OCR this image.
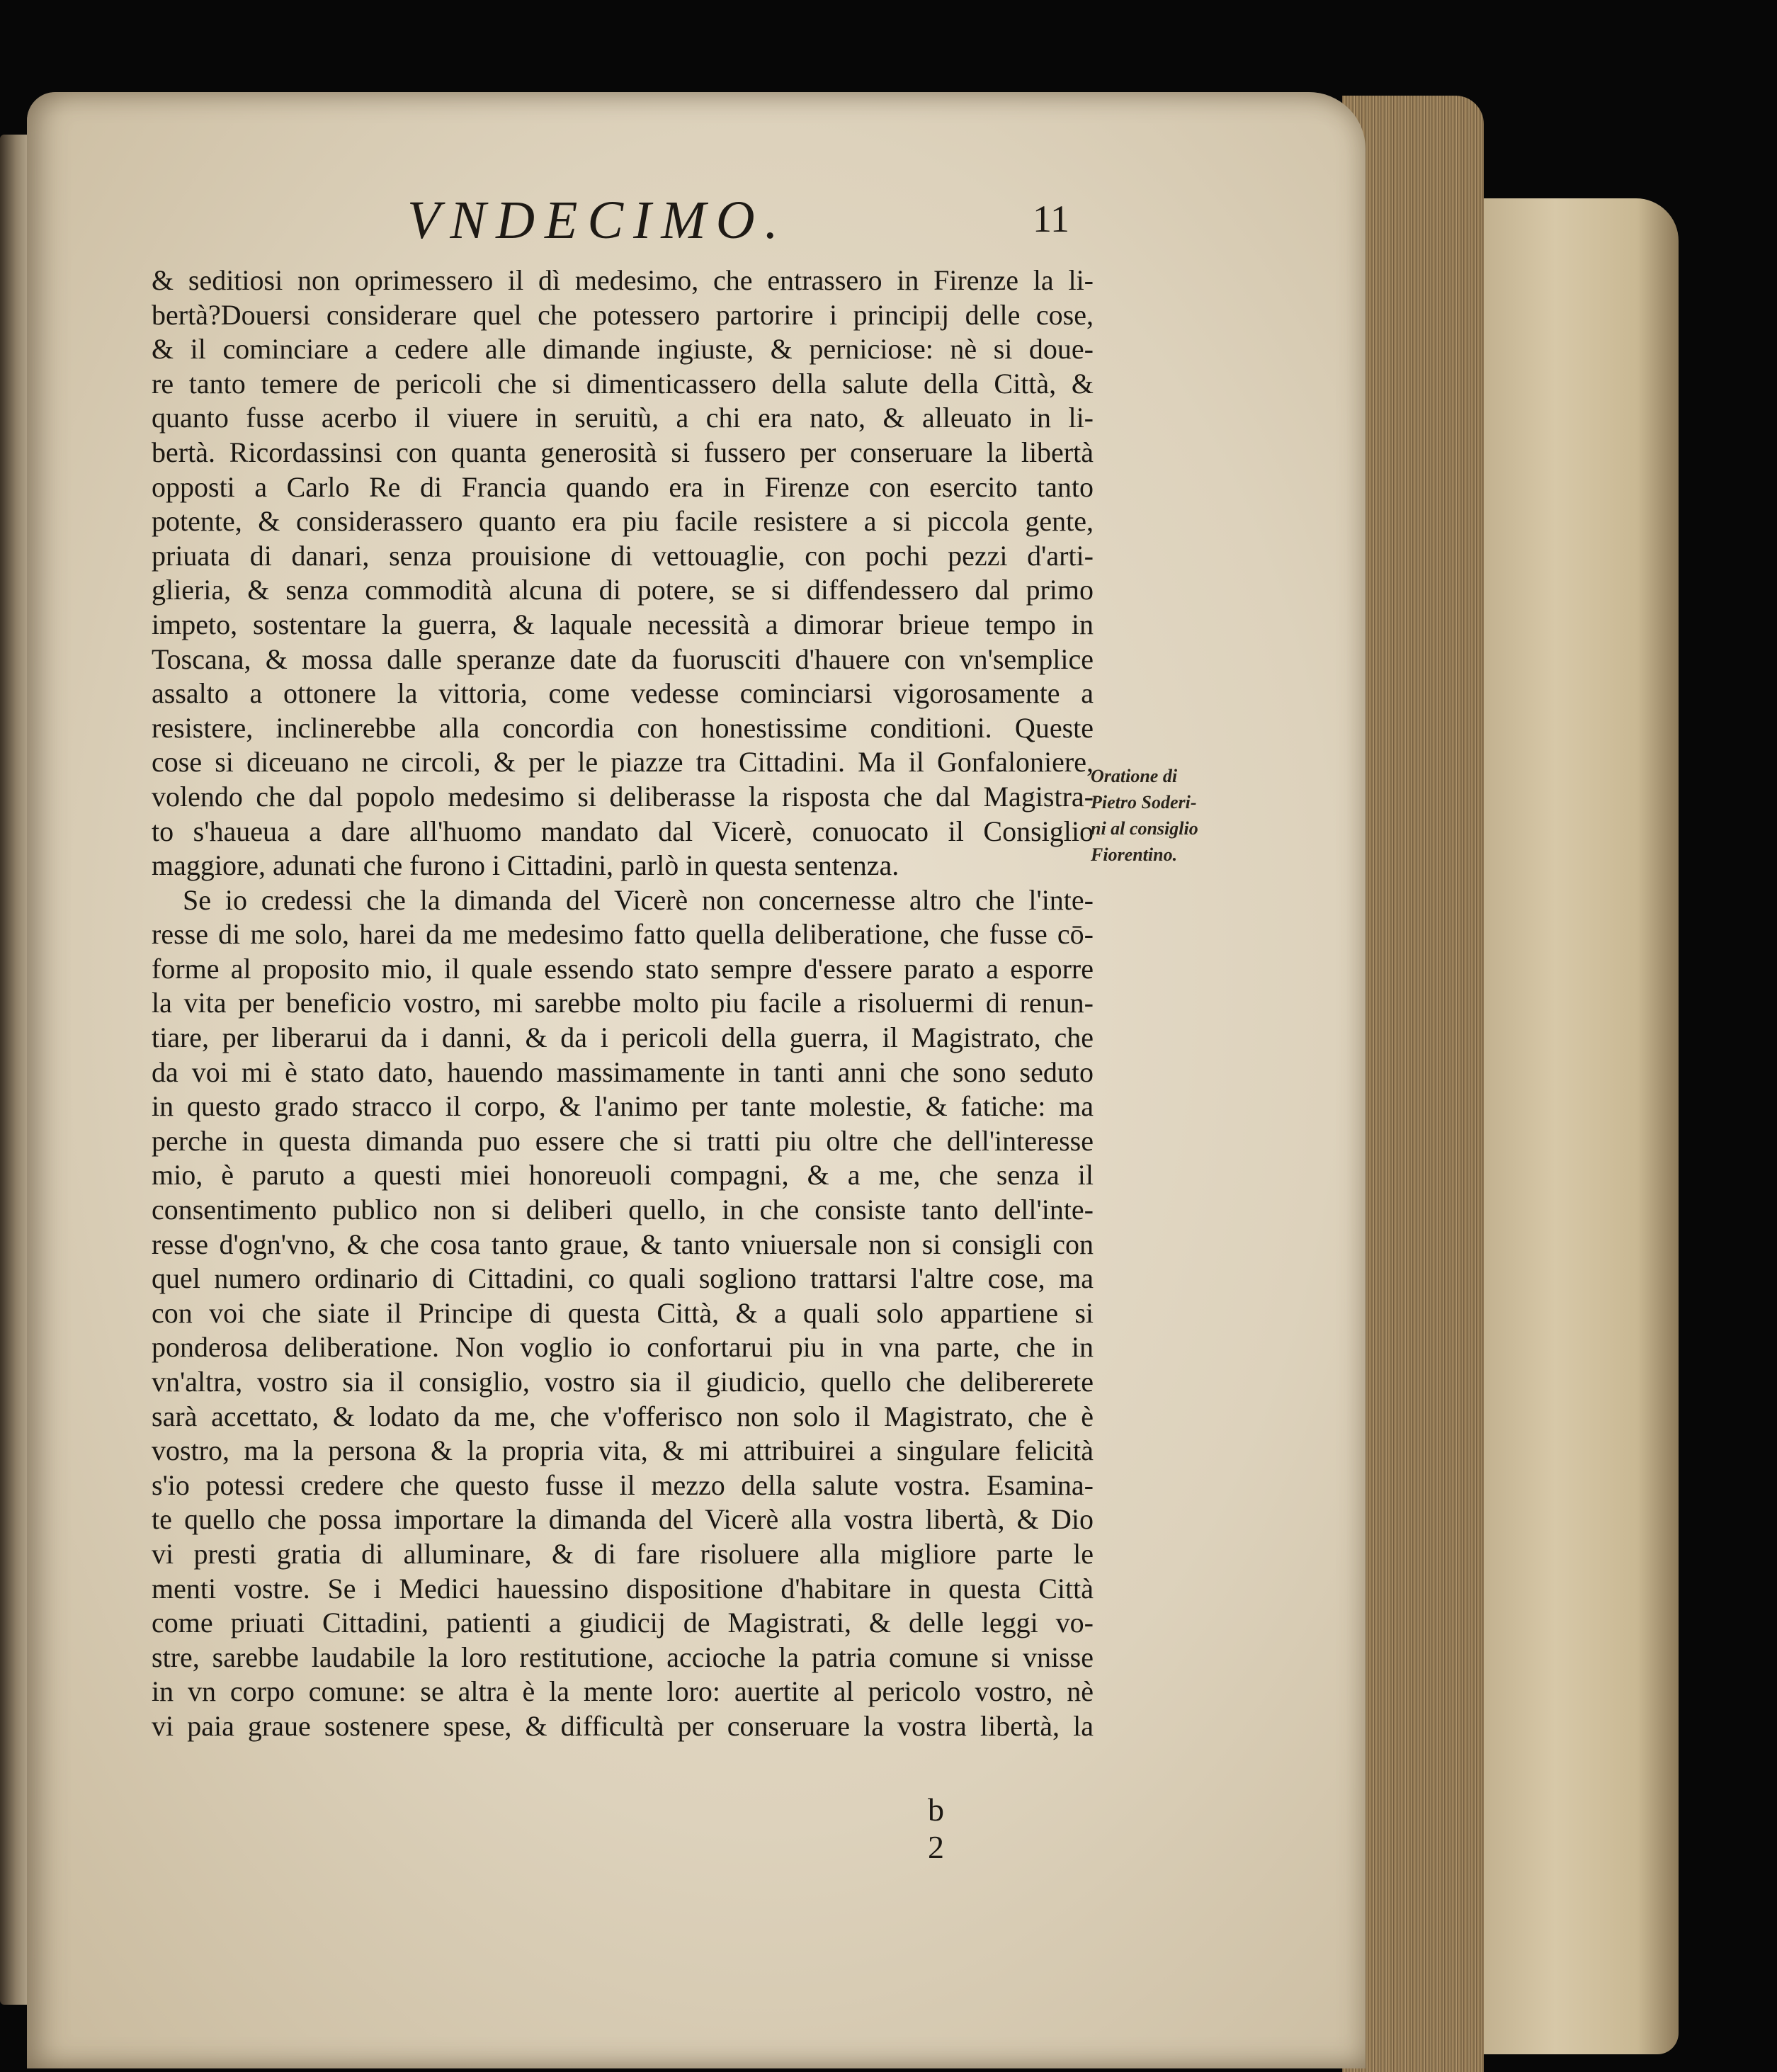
VNDECIMO.	11
& seditiosi non oprimessero il dì medesimo, che entrassero in Firenze la li-
bertà?Douersi considerare quel che potessero partorire i principij delle cose,
& il cominciare a cedere alle dimande ingiuste, & perniciose: nè si doue-
re tanto temere de pericoli che si dimenticassero della salute della Città, &
quanto fusse acerbo il viuere in seruitù, a chi era nato, & alleuato in li-
bertà. Ricordassinsi con quanta generosità si fussero per conseruare la libertà
opposti a Carlo Re di Francia quando era in Firenze con esercito tanto
potente, & considerassero quanto era piu facile resistere a si piccola gente,
priuata di danari, senza prouisione di vettouaglie, con pochi pezzi d'arti-
glieria, & senza commodità alcuna di potere, se si diffendessero dal primo
impeto, sostentare la guerra, & laquale necessità a dimorar brieue tempo in
Toscana, & mossa dalle speranze date da fuorusciti d'hauere con vn'semplice
assalto a ottonere la vittoria, come vedesse cominciarsi vigorosamente a
resistere, inclinerebbe alla concordia con honestissime conditioni. Queste
cose si diceuano ne circoli, & per le piazze tra Cittadini. Ma il Gonfaloniere,
volendo che dal popolo medesimo si deliberasse la risposta che dal Magistra-
to s'haueua a dare all'huomo mandato dal Vicerè, conuocato il Consiglio
maggiore, adunati che furono i Cittadini, parlò in questa sentenza.
Se io credessi che la dimanda del Vicerè non concernesse altro che l'inte-
resse di me solo, harei da me medesimo fatto quella deliberatione, che fusse cō-
forme al proposito mio, il quale essendo stato sempre d'essere parato a esporre
la vita per beneficio vostro, mi sarebbe molto piu facile a risoluermi di renun-
tiare, per liberarui da i danni, & da i pericoli della guerra, il Magistrato, che
da voi mi è stato dato, hauendo massimamente in tanti anni che sono seduto
in questo grado stracco il corpo, & l'animo per tante molestie, & fatiche: ma
perche in questa dimanda puo essere che si tratti piu oltre che dell'interesse
mio, è paruto a questi miei honoreuoli compagni, & a me, che senza il
consentimento publico non si deliberi quello, in che consiste tanto dell'inte-
resse d'ogn'vno, & che cosa tanto graue, & tanto vniuersale non si consigli con
quel numero ordinario di Cittadini, co quali sogliono trattarsi l'altre cose, ma
con voi che siate il Principe di questa Città, & a quali solo appartiene si
ponderosa deliberatione. Non voglio io confortarui piu in vna parte, che in
vn'altra, vostro sia il consiglio, vostro sia il giudicio, quello che delibererete
sarà accettato, & lodato da me, che v'offerisco non solo il Magistrato, che è
vostro, ma la persona & la propria vita, & mi attribuirei a singulare felicità
s'io potessi credere che questo fusse il mezzo della salute vostra. Esamina-
te quello che possa importare la dimanda del Vicerè alla vostra libertà, & Dio
vi presti gratia di alluminare, & di fare risoluere alla migliore parte le
menti vostre. Se i Medici hauessino dispositione d'habitare in questa Città
come priuati Cittadini, patienti a giudicij de Magistrati, & delle leggi vo-
stre, sarebbe laudabile la loro restitutione, accioche la patria comune si vnisse
in vn corpo comune: se altra è la mente loro: auertite al pericolo vostro, nè
vi paia graue sostenere spese, & difficultà per conseruare la vostra libertà, la
Oratione di
Pietro Soderi-
ni al consiglio
Fiorentino.
b 2
